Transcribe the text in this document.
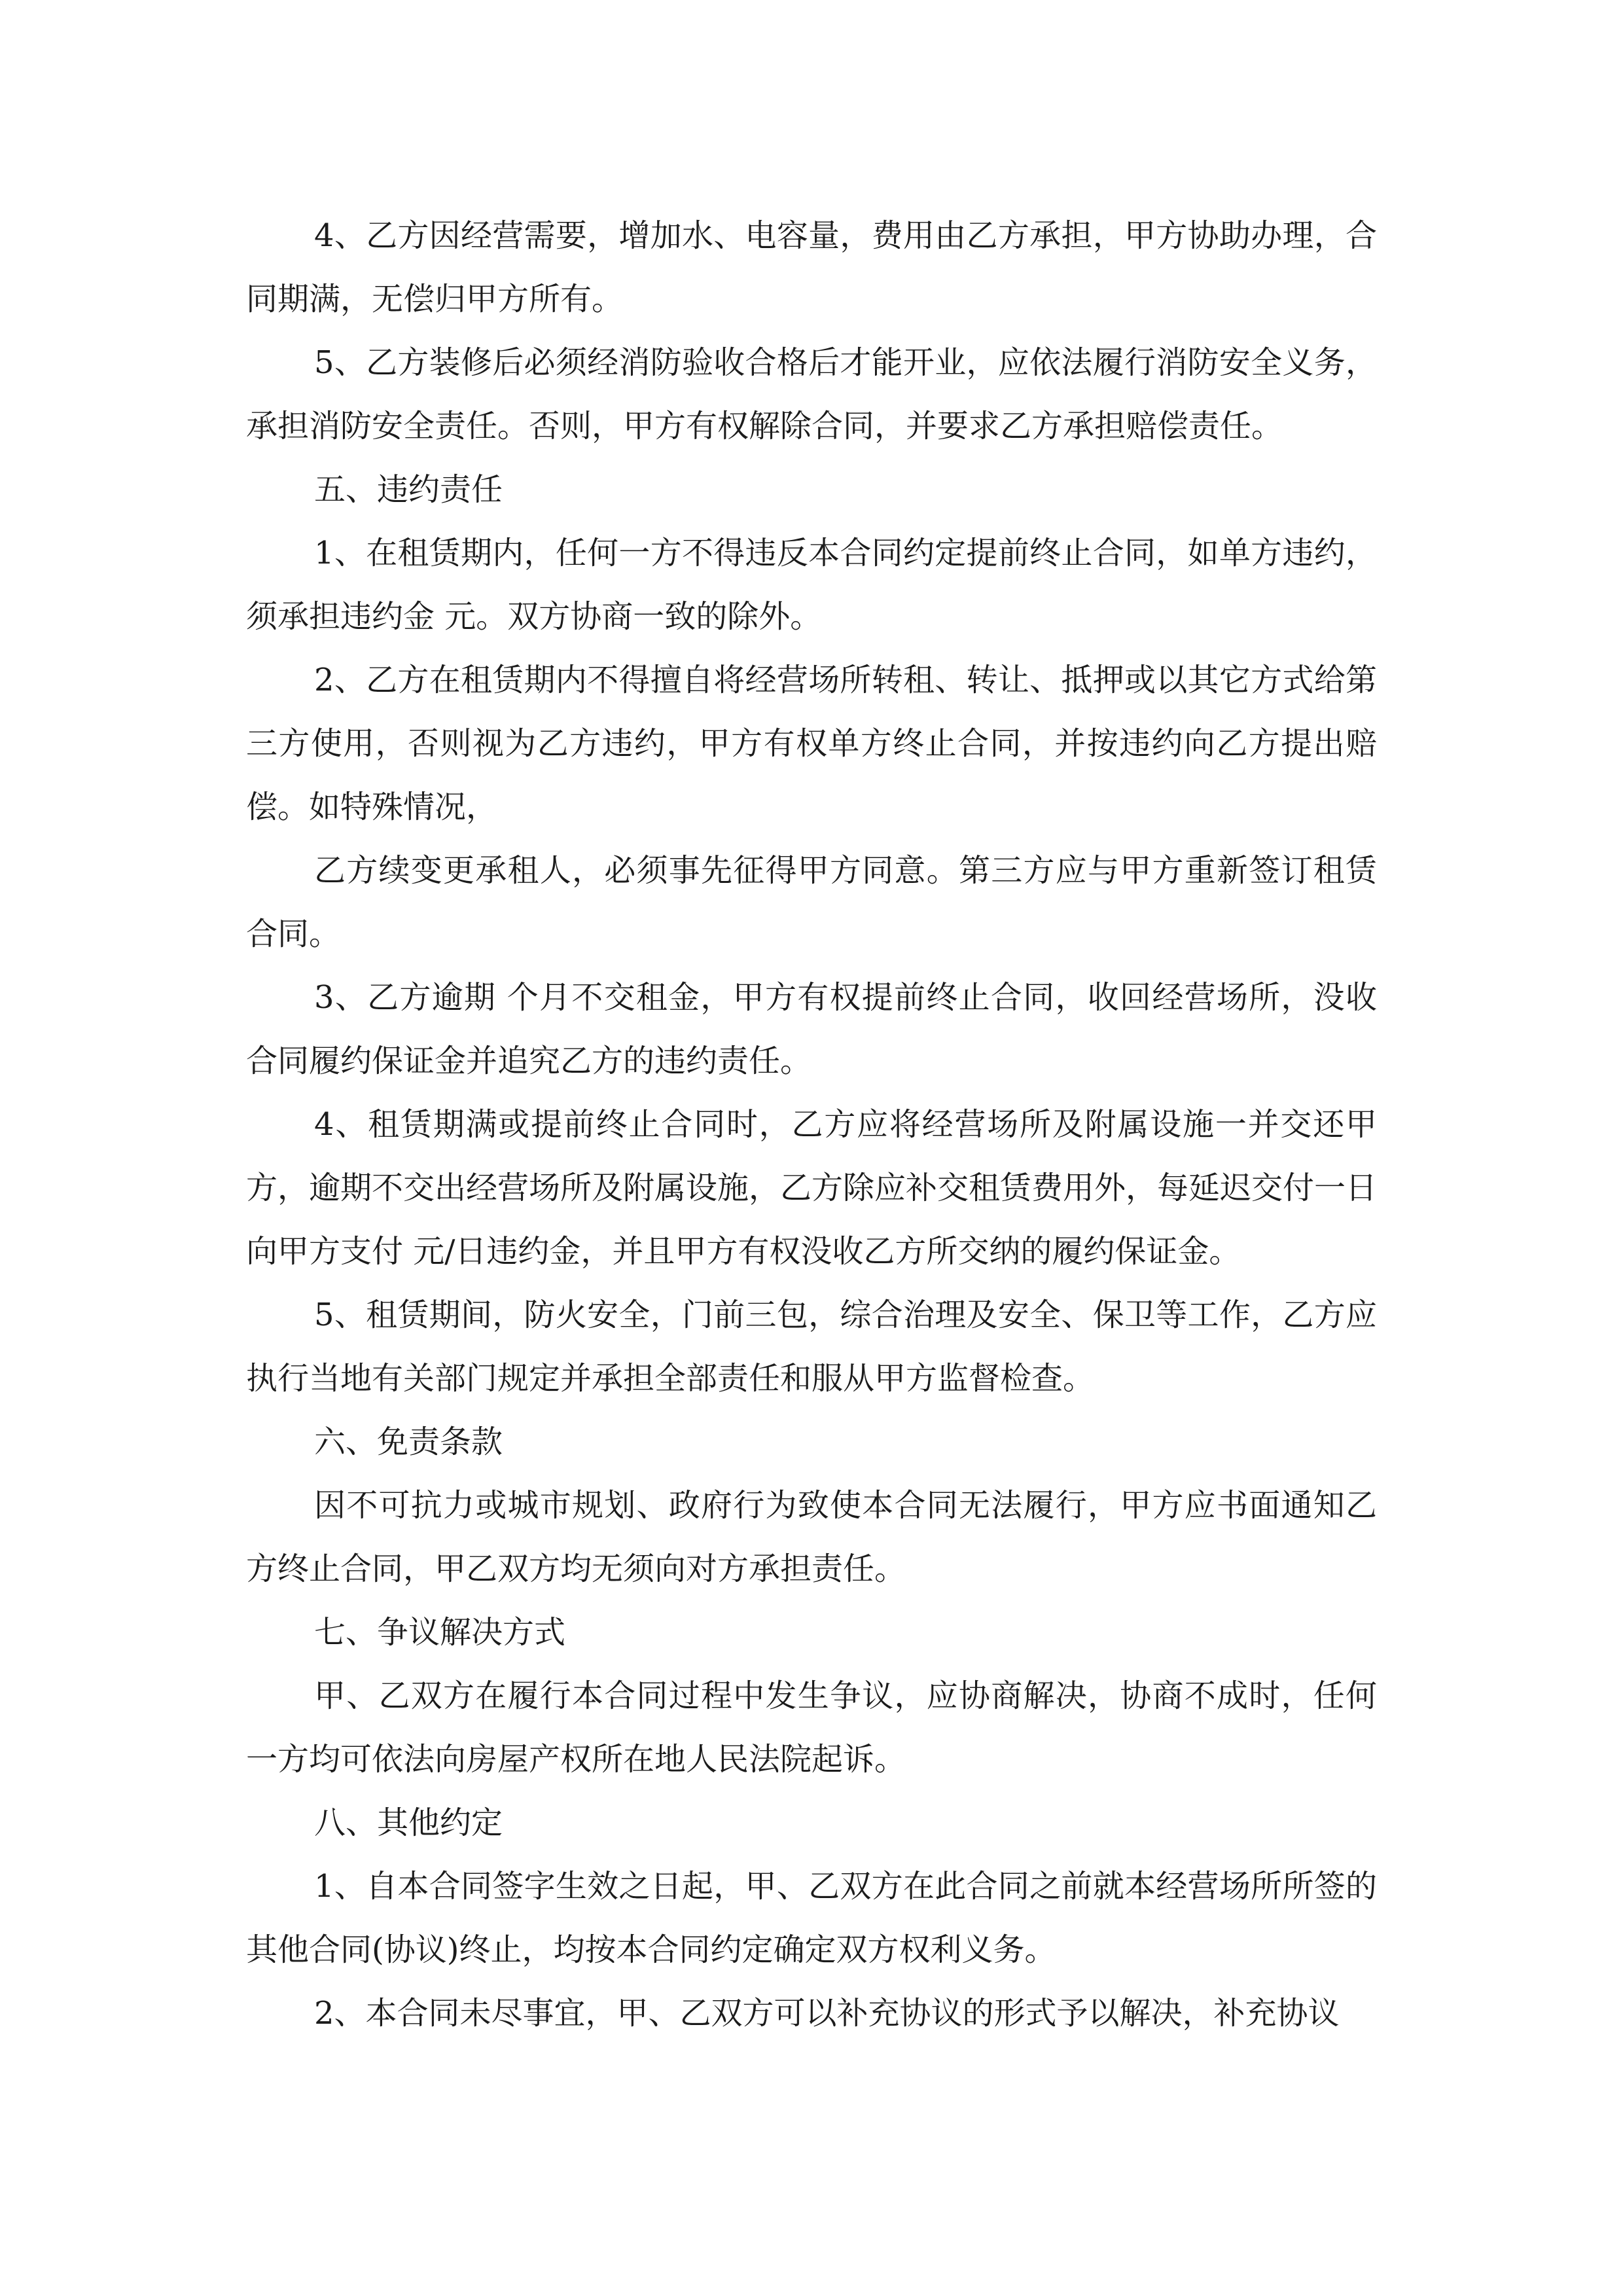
4、乙方因经营需要，增加水、电容量，费用由乙方承担，甲方协助办理，合同期满，无偿归甲方所有。

5、乙方装修后必须经消防验收合格后才能开业，应依法履行消防安全义务，承担消防安全责任。否则，甲方有权解除合同，并要求乙方承担赔偿责任。

五、违约责任

1、在租赁期内，任何一方不得违反本合同约定提前终止合同，如单方违约，须承担违约金 元。双方协商一致的除外。

2、乙方在租赁期内不得擅自将经营场所转租、转让、抵押或以其它方式给第三方使用，否则视为乙方违约，甲方有权单方终止合同，并按违约向乙方提出赔偿。如特殊情况，

乙方续变更承租人，必须事先征得甲方同意。第三方应与甲方重新签订租赁合同。

3、乙方逾期 个月不交租金，甲方有权提前终止合同，收回经营场所，没收合同履约保证金并追究乙方的违约责任。

4、租赁期满或提前终止合同时，乙方应将经营场所及附属设施一并交还甲方，逾期不交出经营场所及附属设施，乙方除应补交租赁费用外，每延迟交付一日向甲方支付 元/日违约金，并且甲方有权没收乙方所交纳的履约保证金。

5、租赁期间，防火安全，门前三包，综合治理及安全、保卫等工作，乙方应执行当地有关部门规定并承担全部责任和服从甲方监督检查。

六、免责条款

因不可抗力或城市规划、政府行为致使本合同无法履行，甲方应书面通知乙方终止合同，甲乙双方均无须向对方承担责任。

七、争议解决方式

甲、乙双方在履行本合同过程中发生争议，应协商解决，协商不成时，任何一方均可依法向房屋产权所在地人民法院起诉。

八、其他约定

1、自本合同签字生效之日起，甲、乙双方在此合同之前就本经营场所所签的其他合同(协议)终止，均按本合同约定确定双方权利义务。

2、本合同未尽事宜，甲、乙双方可以补充协议的形式予以解决，补充协议
